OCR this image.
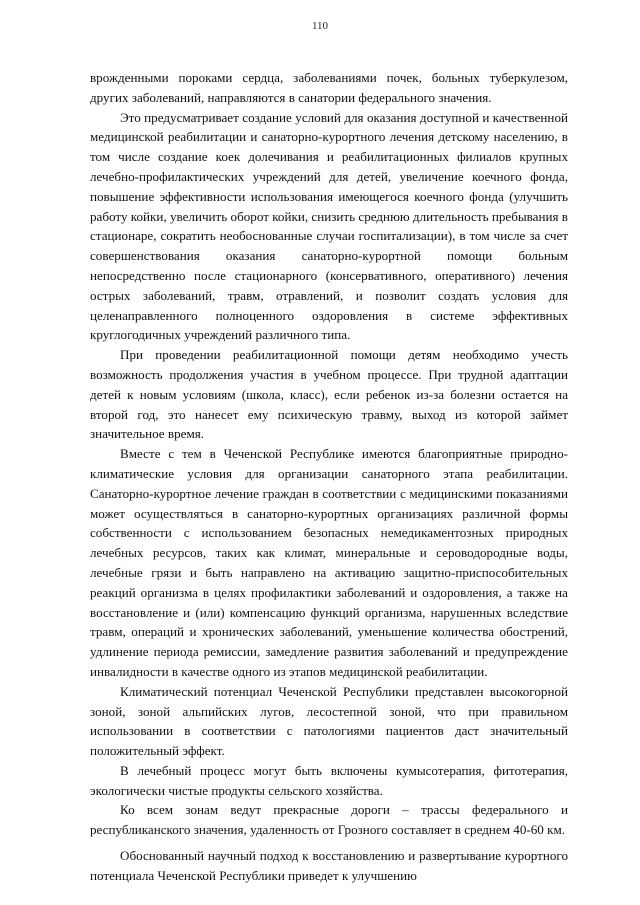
110

врожденными пороками сердца, заболеваниями почек, больных туберкулезом, других заболеваний, направляются в санатории федерального значения.

Это предусматривает создание условий для оказания доступной и качественной медицинской реабилитации и санаторно-курортного лечения детскому населению, в том числе создание коек долечивания и реабилитационных филиалов крупных лечебно-профилактических учреждений для детей, увеличение коечного фонда, повышение эффективности использования имеющегося коечного фонда (улучшить работу койки, увеличить оборот койки, снизить среднюю длительность пребывания в стационаре, сократить необоснованные случаи госпитализации), в том числе за счет совершенствования оказания санаторно-курортной помощи больным непосредственно после стационарного (консервативного, оперативного) лечения острых заболеваний, травм, отравлений, и позволит создать условия для целенаправленного полноценного оздоровления в системе эффективных круглогодичных учреждений различного типа.

При проведении реабилитационной помощи детям необходимо учесть возможность продолжения участия в учебном процессе. При трудной адаптации детей к новым условиям (школа, класс), если ребенок из-за болезни остается на второй год, это нанесет ему психическую травму, выход из которой займет значительное время.

Вместе с тем в Чеченской Республике имеются благоприятные природно-климатические условия для организации санаторного этапа реабилитации. Санаторно-курортное лечение граждан в соответствии с медицинскими показаниями может осуществляться в санаторно-курортных организациях различной формы собственности с использованием безопасных немедикаментозных природных лечебных ресурсов, таких как климат, минеральные и сероводородные воды, лечебные грязи и быть направлено на активацию защитно-приспособительных реакций организма в целях профилактики заболеваний и оздоровления, а также на восстановление и (или) компенсацию функций организма, нарушенных вследствие травм, операций и хронических заболеваний, уменьшение количества обострений, удлинение периода ремиссии, замедление развития заболеваний и предупреждение инвалидности в качестве одного из этапов медицинской реабилитации.

Климатический потенциал Чеченской Республики представлен высокогорной зоной, зоной альпийских лугов, лесостепной зоной, что при правильном использовании в соответствии с патологиями пациентов даст значительный положительный эффект.

В лечебный процесс могут быть включены кумысотерапия, фитотерапия, экологически чистые продукты сельского хозяйства.

Ко всем зонам ведут прекрасные дороги – трассы федерального и республиканского значения, удаленность от Грозного составляет в среднем 40-60 км.

Обоснованный научный подход к восстановлению и развертывание курортного потенциала Чеченской Республики приведет к улучшению
